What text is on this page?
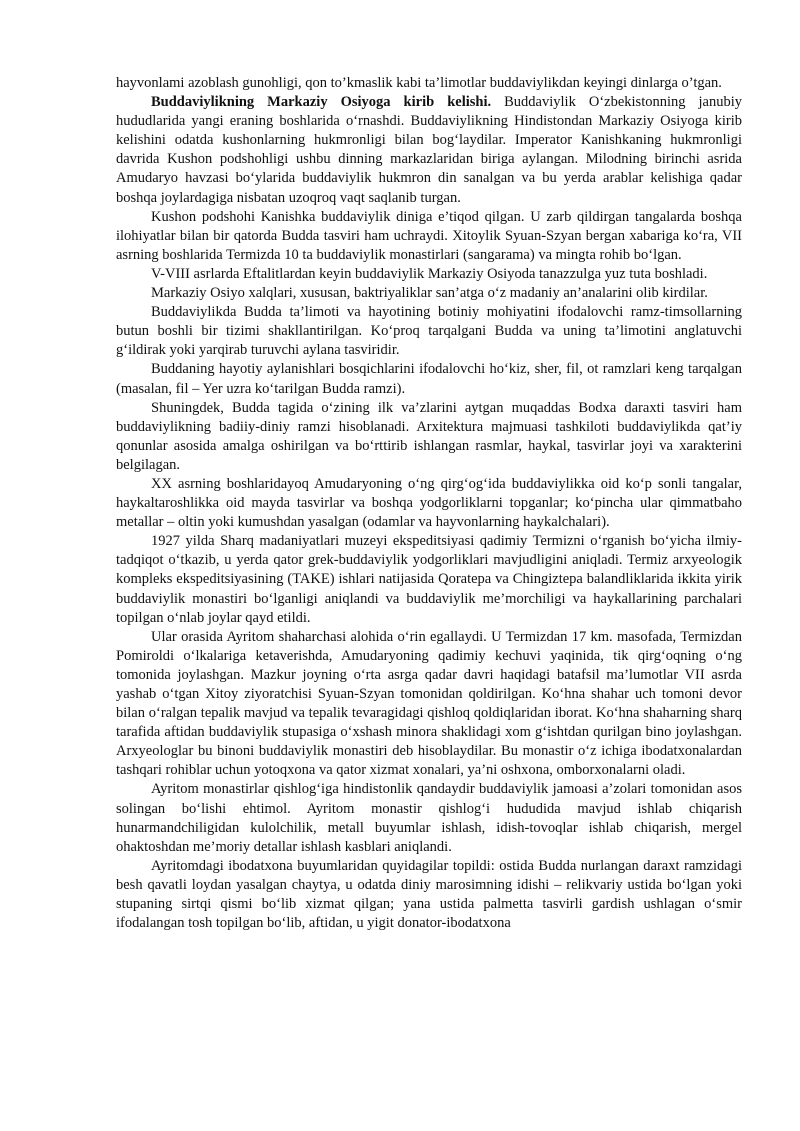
hayvonlami azoblash gunohligi, qon to’kmaslik kabi ta’limotlar buddaviylikdan keyingi dinlarga o’tgan.

Buddaviylikning Markaziy Osiyoga kirib kelishi. Buddaviylik O‘zbekistonning janubiy hududlarida yangi eraning boshlarida o‘rnashdi. Buddaviylikning Hindistondan Markaziy Osiyoga kirib kelishini odatda kushonlarning hukmronligi bilan bog‘laydilar. Imperator Kanishkaning hukmronligi davrida Kushon podshohligi ushbu dinning markazlaridan biriga aylangan. Milodning birinchi asrida Amudaryo havzasi bo‘ylarida buddaviylik hukmron din sanalgan va bu yerda arablar kelishiga qadar boshqa joylardagiga nisbatan uzoqroq vaqt saqlanib turgan.

Kushon podshohi Kanishka buddaviylik diniga e’tiqod qilgan. U zarb qildirgan tangalarda boshqa ilohiyatlar bilan bir qatorda Budda tasviri ham uchraydi. Xitoylik Syuan-Szyan bergan xabariga ko‘ra, VII asrning boshlarida Termizda 10 ta buddaviylik monastirlari (sangarama) va mingta rohib bo‘lgan.

V-VIII asrlarda Eftalitlardan keyin buddaviylik Markaziy Osiyoda tanazzulga yuz tuta boshladi.

Markaziy Osiyo xalqlari, xususan, baktriyaliklar san’atga o‘z madaniy an’analarini olib kirdilar.

Buddaviylikda Budda ta’limoti va hayotining botiniy mohiyatini ifodalovchi ramz-timsollarning butun boshli bir tizimi shakllantirilgan. Ko‘proq tarqalgani Budda va uning ta’limotini anglatuvchi g‘ildirak yoki yarqirab turuvchi aylana tasviridir.

Buddaning hayotiy aylanishlari bosqichlarini ifodalovchi ho‘kiz, sher, fil, ot ramzlari keng tarqalgan (masalan, fil – Yer uzra ko‘tarilgan Budda ramzi).

Shuningdek, Budda tagida o‘zining ilk va’zlarini aytgan muqaddas Bodxa daraxti tasviri ham buddaviylikning badiiy-diniy ramzi hisoblanadi. Arxitektura majmuasi tashkiloti buddaviylikda qat’iy qonunlar asosida amalga oshirilgan va bo‘rttirib ishlangan rasmlar, haykal, tasvirlar joyi va xarakterini belgilagan.

XX asrning boshlaridayoq Amudaryoning o‘ng qirg‘og‘ida buddaviylikka oid ko‘p sonli tangalar, haykaltaroshlikka oid mayda tasvirlar va boshqa yodgorliklarni topganlar; ko‘pincha ular qimmatbaho metallar – oltin yoki kumushdan yasalgan (odamlar va hayvonlarning haykalchalari).

1927 yilda Sharq madaniyatlari muzeyi ekspeditsiyasi qadimiy Termizni o‘rganish bo‘yicha ilmiy-tadqiqot o‘tkazib, u yerda qator grek-buddaviylik yodgorliklari mavjudligini aniqladi. Termiz arxyeologik kompleks ekspeditsiyasining (TAKE) ishlari natijasida Qoratepa va Chingiztepa balandliklarida ikkita yirik buddaviylik monastiri bo‘lganligi aniqlandi va buddaviylik me’morchiligi va haykallarining parchalari topilgan o‘nlab joylar qayd etildi.

Ular orasida Ayritom shaharchasi alohida o‘rin egallaydi. U Termizdan 17 km. masofada, Termizdan Pomiroldi o‘lkalariga ketaverishda, Amudaryoning qadimiy kechuvi yaqinida, tik qirg‘oqning o‘ng tomonida joylashgan. Mazkur joyning o‘rta asrga qadar davri haqidagi batafsil ma’lumotlar VII asrda yashab o‘tgan Xitoy ziyoratchisi Syuan-Szyan tomonidan qoldirilgan. Ko‘hna shahar uch tomoni devor bilan o‘ralgan tepalik mavjud va tepalik tevaragidagi qishloq qoldiqlaridan iborat. Ko‘hna shaharning sharq tarafida aftidan buddaviylik stupasiga o‘xshash minora shaklidagi xom g‘ishtdan qurilgan bino joylashgan. Arxyeologlar bu binoni buddaviylik monastiri deb hisoblaydilar. Bu monastir o‘z ichiga ibodatxonalardan tashqari rohiblar uchun yotoqxona va qator xizmat xonalari, ya’ni oshxona, omborxonalarni oladi.

Ayritom monastirlar qishlog‘iga hindistonlik qandaydir buddaviylik jamoasi a’zolari tomonidan asos solingan bo‘lishi ehtimol. Ayritom monastir qishlog‘i hududida mavjud ishlab chiqarish hunarmandchiligidan kulolchilik, metall buyumlar ishlash, idish-tovoqlar ishlab chiqarish, mergel ohaktoshdan me’moriy detallar ishlash kasblari aniqlandi.

Ayritomdagi ibodatxona buyumlaridan quyidagilar topildi: ostida Budda nurlangan daraxt ramzidagi besh qavatli loydan yasalgan chaytya, u odatda diniy marosimning idishi – relikvariy ustida bo‘lgan yoki stupaning sirtqi qismi bo‘lib xizmat qilgan; yana ustida palmetta tasvirli gardish ushlagan o‘smir ifodalangan tosh topilgan bo‘lib, aftidan, u yigit donator-ibodatxona
